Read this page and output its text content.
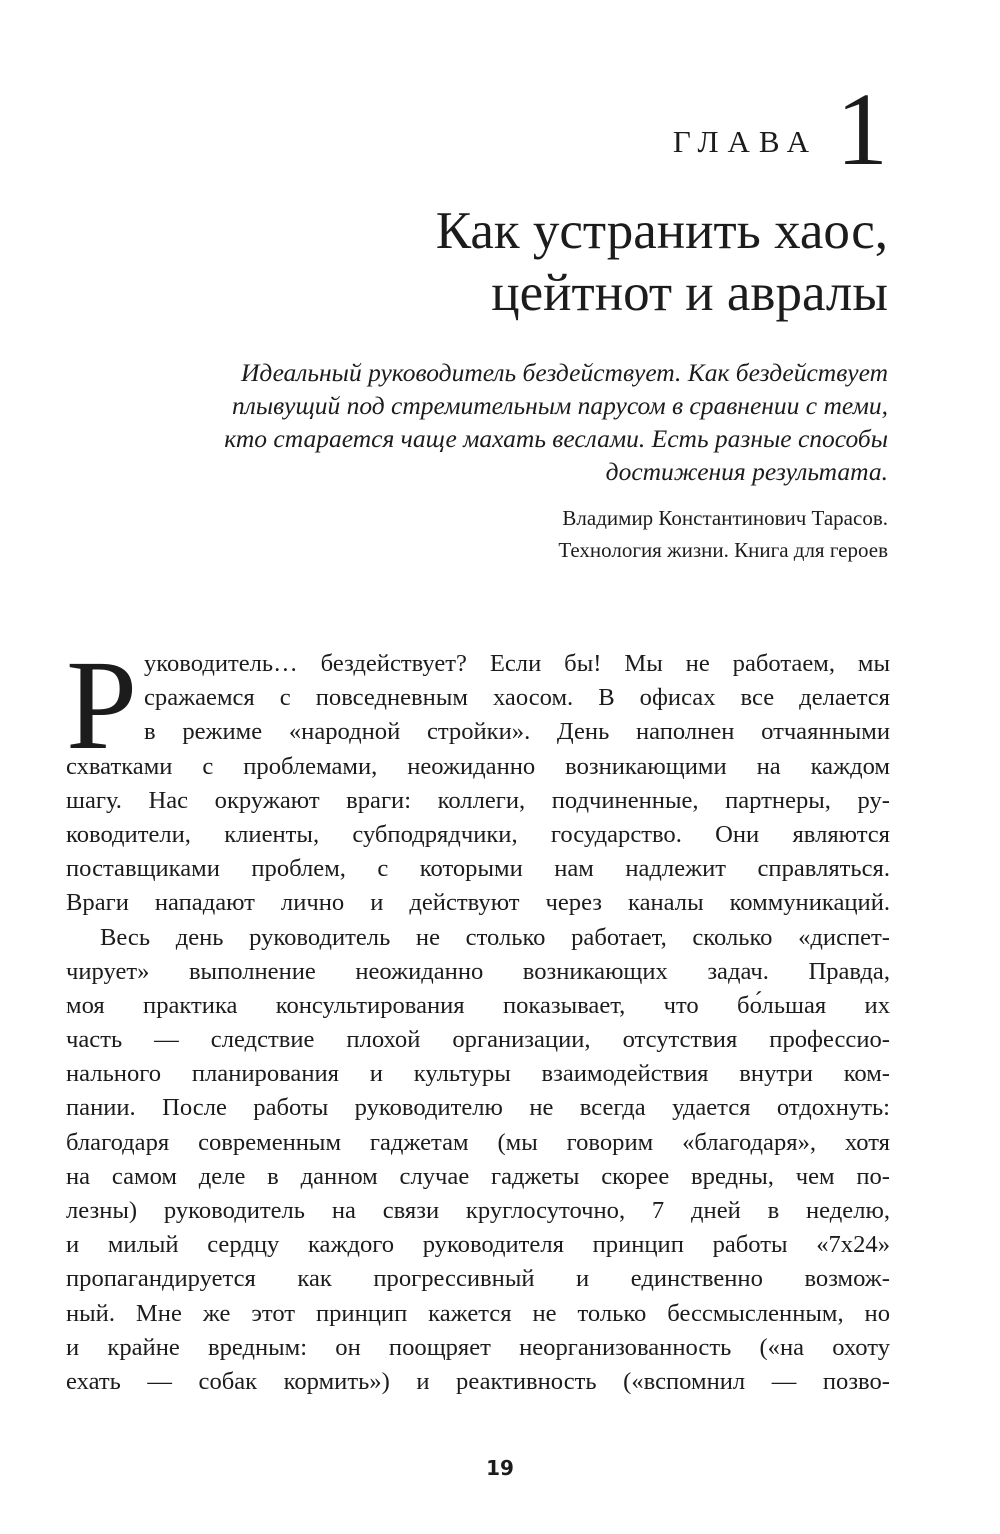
ГЛАВА 1
Как устранить хаос,
цейтнот и авралы
Идеальный руководитель бездействует. Как бездействует
плывущий под стремительным парусом в сравнении с теми,
кто старается чаще махать веслами. Есть разные способы
достижения результата.
Владимир Константинович Тарасов.
Технология жизни. Книга для героев
Р уководитель… бездействует? Если бы! Мы не работаем, мы
сражаемся с повседневным хаосом. В офисах все делается
в режиме «народной стройки». День наполнен отчаянными
схватками с проблемами, неожиданно возникающими на каждом
шагу. Нас окружают враги: коллеги, подчиненные, партнеры, ру-
ководители, клиенты, субподрядчики, государство. Они являются
поставщиками проблем, с которыми нам надлежит справляться.
Враги нападают лично и действуют через каналы коммуникаций.
Весь день руководитель не столько работает, сколько «диспет-
чирует» выполнение неожиданно возникающих задач. Правда,
моя практика консультирования показывает, что бо́льшая их
часть — следствие плохой организации, отсутствия профессио-
нального планирования и культуры взаимодействия внутри ком-
пании. После работы руководителю не всегда удается отдохнуть:
благодаря современным гаджетам (мы говорим «благодаря», хотя
на самом деле в данном случае гаджеты скорее вредны, чем по-
лезны) руководитель на связи круглосуточно, 7 дней в неделю,
и милый сердцу каждого руководителя принцип работы «7x24»
пропагандируется как прогрессивный и единственно возмож-
ный. Мне же этот принцип кажется не только бессмысленным, но
и крайне вредным: он поощряет неорганизованность («на охоту
ехать — собак кормить») и реактивность («вспомнил — позво-
19
